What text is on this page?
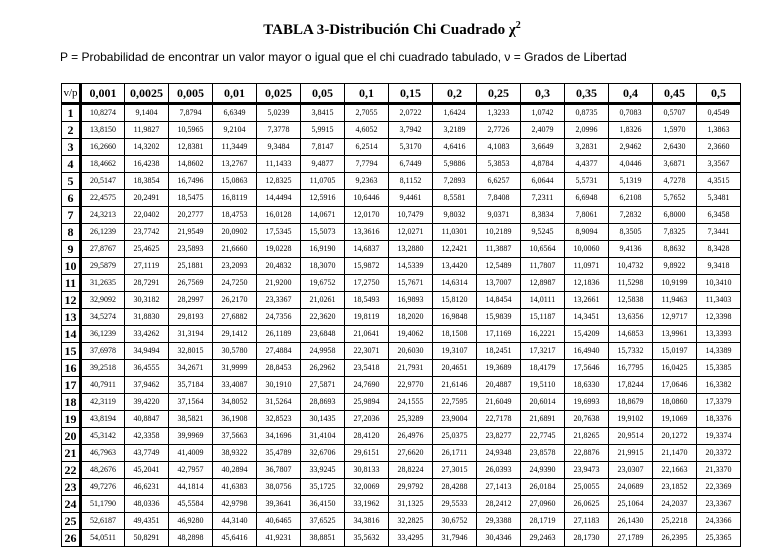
TABLA 3-Distribución Chi Cuadrado $\chi^2$
P = Probabilidad de encontrar un valor mayor o igual que el chi cuadrado tabulado, ν = Grados de Libertad
v/p	0,001	0,0025	0,005	0,01	0,025	0,05	0,1	0,15	0,2	0,25	0,3	0,35	0,4	0,45	0,5
1	10,8274	9,1404	7,8794	6,6349	5,0239	3,8415	2,7055	2,0722	1,6424	1,3233	1,0742	0,8735	0,7083	0,5707	0,4549
2	13,8150	11,9827	10,5965	9,2104	7,3778	5,9915	4,6052	3,7942	3,2189	2,7726	2,4079	2,0996	1,8326	1,5970	1,3863
3	16,2660	14,3202	12,8381	11,3449	9,3484	7,8147	6,2514	5,3170	4,6416	4,1083	3,6649	3,2831	2,9462	2,6430	2,3660
4	18,4662	16,4238	14,8602	13,2767	11,1433	9,4877	7,7794	6,7449	5,9886	5,3853	4,8784	4,4377	4,0446	3,6871	3,3567
5	20,5147	18,3854	16,7496	15,0863	12,8325	11,0705	9,2363	8,1152	7,2893	6,6257	6,0644	5,5731	5,1319	4,7278	4,3515
6	22,4575	20,2491	18,5475	16,8119	14,4494	12,5916	10,6446	9,4461	8,5581	7,8408	7,2311	6,6948	6,2108	5,7652	5,3481
7	24,3213	22,0402	20,2777	18,4753	16,0128	14,0671	12,0170	10,7479	9,8032	9,0371	8,3834	7,8061	7,2832	6,8000	6,3458
8	26,1239	23,7742	21,9549	20,0902	17,5345	15,5073	13,3616	12,0271	11,0301	10,2189	9,5245	8,9094	8,3505	7,8325	7,3441
9	27,8767	25,4625	23,5893	21,6660	19,0228	16,9190	14,6837	13,2880	12,2421	11,3887	10,6564	10,0060	9,4136	8,8632	8,3428
10	29,5879	27,1119	25,1881	23,2093	20,4832	18,3070	15,9872	14,5339	13,4420	12,5489	11,7807	11,0971	10,4732	9,8922	9,3418
11	31,2635	28,7291	26,7569	24,7250	21,9200	19,6752	17,2750	15,7671	14,6314	13,7007	12,8987	12,1836	11,5298	10,9199	10,3410
12	32,9092	30,3182	28,2997	26,2170	23,3367	21,0261	18,5493	16,9893	15,8120	14,8454	14,0111	13,2661	12,5838	11,9463	11,3403
13	34,5274	31,8830	29,8193	27,6882	24,7356	22,3620	19,8119	18,2020	16,9848	15,9839	15,1187	14,3451	13,6356	12,9717	12,3398
14	36,1239	33,4262	31,3194	29,1412	26,1189	23,6848	21,0641	19,4062	18,1508	17,1169	16,2221	15,4209	14,6853	13,9961	13,3393
15	37,6978	34,9494	32,8015	30,5780	27,4884	24,9958	22,3071	20,6030	19,3107	18,2451	17,3217	16,4940	15,7332	15,0197	14,3389
16	39,2518	36,4555	34,2671	31,9999	28,8453	26,2962	23,5418	21,7931	20,4651	19,3689	18,4179	17,5646	16,7795	16,0425	15,3385
17	40,7911	37,9462	35,7184	33,4087	30,1910	27,5871	24,7690	22,9770	21,6146	20,4887	19,5110	18,6330	17,8244	17,0646	16,3382
18	42,3119	39,4220	37,1564	34,8052	31,5264	28,8693	25,9894	24,1555	22,7595	21,6049	20,6014	19,6993	18,8679	18,0860	17,3379
19	43,8194	40,8847	38,5821	36,1908	32,8523	30,1435	27,2036	25,3289	23,9004	22,7178	21,6891	20,7638	19,9102	19,1069	18,3376
20	45,3142	42,3358	39,9969	37,5663	34,1696	31,4104	28,4120	26,4976	25,0375	23,8277	22,7745	21,8265	20,9514	20,1272	19,3374
21	46,7963	43,7749	41,4009	38,9322	35,4789	32,6706	29,6151	27,6620	26,1711	24,9348	23,8578	22,8876	21,9915	21,1470	20,3372
22	48,2676	45,2041	42,7957	40,2894	36,7807	33,9245	30,8133	28,8224	27,3015	26,0393	24,9390	23,9473	23,0307	22,1663	21,3370
23	49,7276	46,6231	44,1814	41,6383	38,0756	35,1725	32,0069	29,9792	28,4288	27,1413	26,0184	25,0055	24,0689	23,1852	22,3369
24	51,1790	48,0336	45,5584	42,9798	39,3641	36,4150	33,1962	31,1325	29,5533	28,2412	27,0960	26,0625	25,1064	24,2037	23,3367
25	52,6187	49,4351	46,9280	44,3140	40,6465	37,6525	34,3816	32,2825	30,6752	29,3388	28,1719	27,1183	26,1430	25,2218	24,3366
26	54,0511	50,8291	48,2898	45,6416	41,9231	38,8851	35,5632	33,4295	31,7946	30,4346	29,2463	28,1730	27,1789	26,2395	25,3365
